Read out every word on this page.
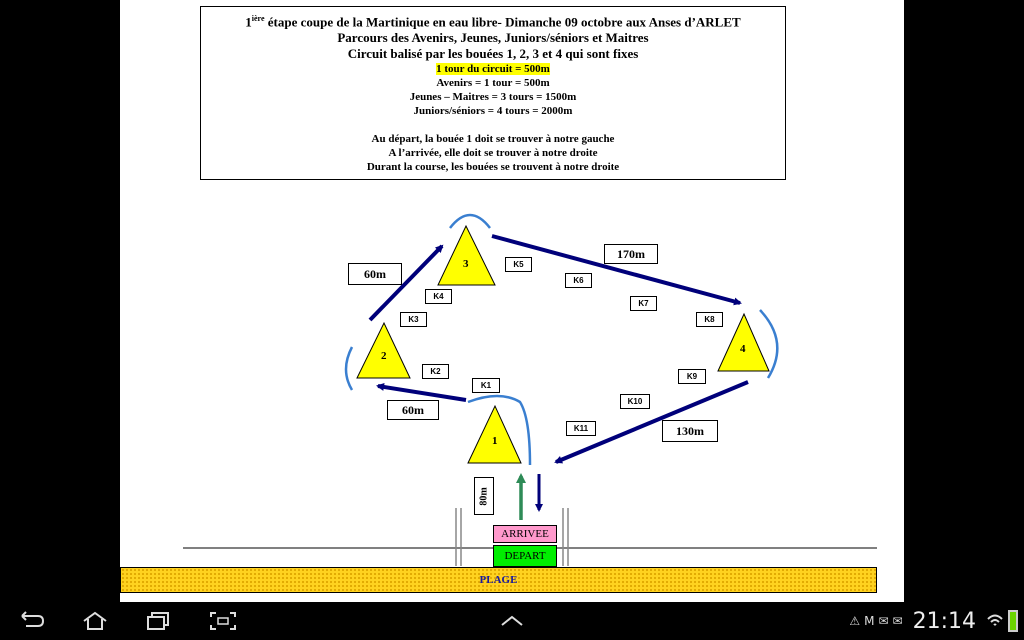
$1^{ière}$ étape coupe de la Martinique en eau libre- Dimanche 09 octobre aux Anses d’ARLET
Parcours des Avenirs, Jeunes, Juniors/séniors et Maitres
Circuit balisé par les bouées 1, 2, 3 et 4 qui sont fixes
1 tour du circuit = 500m
Avenirs = 1 tour = 500m
Jeunes – Maitres = 3 tours = 1500m
Juniors/séniors = 4 tours = 2000m
Au départ, la bouée 1 doit se trouver à notre gauche
A l’arrivée, elle doit se trouver à notre droite
Durant la course, les bouées se trouvent à notre droite
1
2
3
4
60m
60m
170m
130m
K1
K2
K3
K4
K5
K6
K7
K8
K9
K10
K11
80m
ARRIVEE
DEPART
PLAGE
⚠ M ✉ ✉ 21:14
